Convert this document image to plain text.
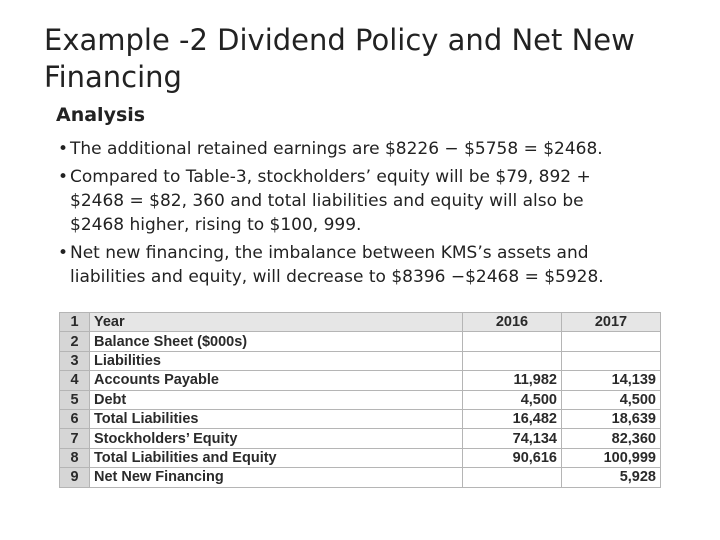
Example -2 Dividend Policy and Net New Financing
Analysis
• The additional retained earnings are $8226 − $5758 = $2468.
• Compared to Table-3, stockholders’ equity will be $79, 892 +
$2468 = $82, 360 and total liabilities and equity will also be
$2468 higher, rising to $100, 999.
• Net new financing, the imbalance between KMS’s assets and
liabilities and equity, will decrease to $8396 −$2468 = $5928.
1	Year	2016	2017
2	Balance Sheet ($000s)		
3	Liabilities		
4	Accounts Payable	11,982	14,139
5	Debt	4,500	4,500
6	Total Liabilities	16,482	18,639
7	Stockholders’ Equity	74,134	82,360
8	Total Liabilities and Equity	90,616	100,999
9	Net New Financing		5,928
